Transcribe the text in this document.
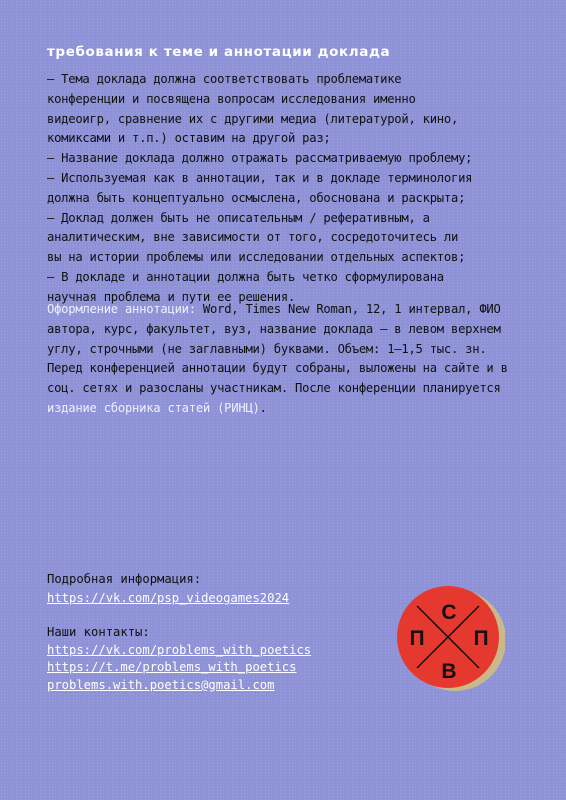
требования к теме и аннотации доклада
— Тема доклада должна соответствовать проблематике
конференции и посвящена вопросам исследования именно
видеоигр, сравнение их с другими медиа (литературой, кино,
комиксами и т.п.) оставим на другой раз;
— Название доклада должно отражать рассматриваемую проблему;
— Используемая как в аннотации, так и в докладе терминология
должна быть концептуально осмыслена, обоснована и раскрыта;
— Доклад должен быть не описательным / реферативным, а
аналитическим, вне зависимости от того, сосредоточитесь ли
вы на истории проблемы или исследовании отдельных аспектов;
— В докладе и аннотации должна быть четко сформулирована
научная проблема и пути ее решения.
Оформление аннотации: Word, Times New Roman, 12, 1 интервал, ФИО автора, курс, факультет, вуз, название доклада – в левом верхнем углу, строчными (не заглавными) буквами. Объем: 1–1,5 тыс. зн.
Перед конференцией аннотации будут собраны, выложены на сайте и в соц. сетях и разосланы участникам. После конференции планируется издание сборника статей (РИНЦ).
Подробная информация:
https://vk.com/psp_videogames2024
Наши контакты:
https://vk.com/problems_with_poetics
https://t.me/problems_with_poetics
problems.with.poetics@gmail.com
С
П П
В
